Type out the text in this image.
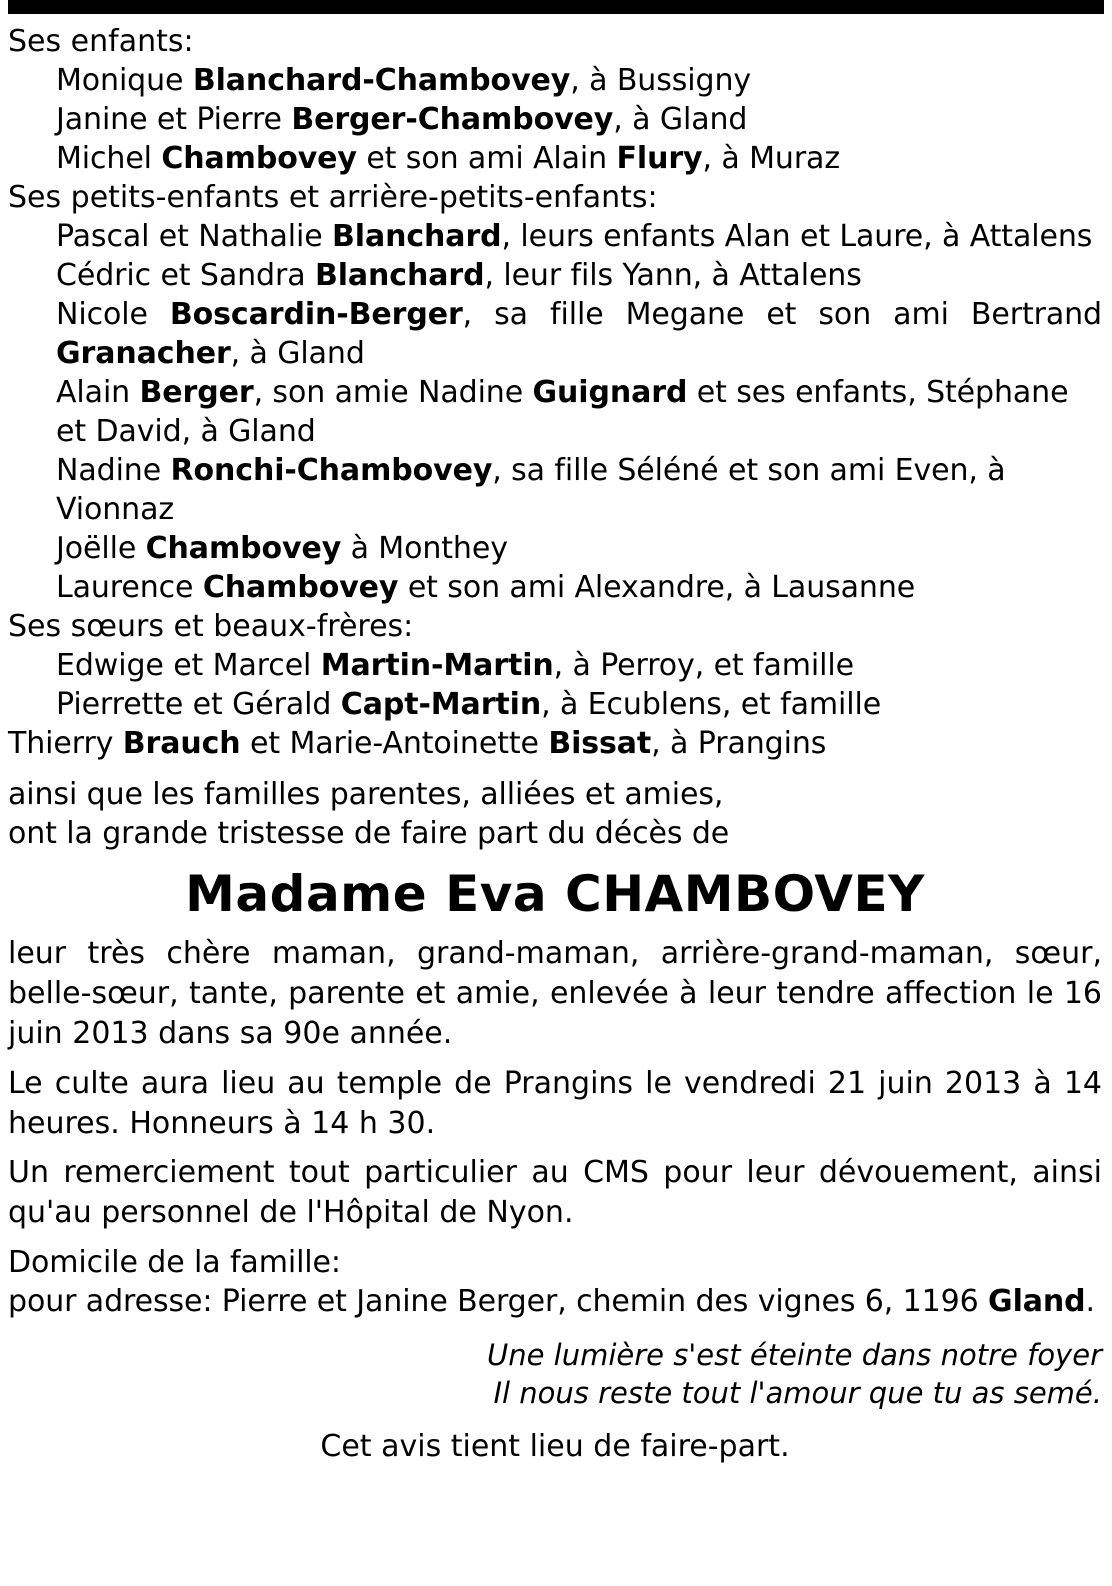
Ses enfants:
Monique Blanchard-Chambovey, à Bussigny
Janine et Pierre Berger-Chambovey, à Gland
Michel Chambovey et son ami Alain Flury, à Muraz
Ses petits-enfants et arrière-petits-enfants:
Pascal et Nathalie Blanchard, leurs enfants Alan et Laure, à Attalens
Cédric et Sandra Blanchard, leur fils Yann, à Attalens
Nicole Boscardin-Berger, sa fille Megane et son ami Bertrand Granacher, à Gland
Alain Berger, son amie Nadine Guignard et ses enfants, Stéphane et David, à Gland
Nadine Ronchi-Chambovey, sa fille Séléné et son ami Even, à Vionnaz
Joëlle Chambovey à Monthey
Laurence Chambovey et son ami Alexandre, à Lausanne
Ses sœurs et beaux-frères:
Edwige et Marcel Martin-Martin, à Perroy, et famille
Pierrette et Gérald Capt-Martin, à Ecublens, et famille
Thierry Brauch et Marie-Antoinette Bissat, à Prangins
ainsi que les familles parentes, alliées et amies,
ont la grande tristesse de faire part du décès de
Madame Eva CHAMBOVEY
leur très chère maman, grand-maman, arrière-grand-maman, sœur, belle-sœur, tante, parente et amie, enlevée à leur tendre affection le 16 juin 2013 dans sa 90e année.
Le culte aura lieu au temple de Prangins le vendredi 21 juin 2013 à 14 heures. Honneurs à 14 h 30.
Un remerciement tout particulier au CMS pour leur dévouement, ainsi qu'au personnel de l'Hôpital de Nyon.
Domicile de la famille:
pour adresse: Pierre et Janine Berger, chemin des vignes 6, 1196 Gland.
Une lumière s'est éteinte dans notre foyer
Il nous reste tout l'amour que tu as semé.
Cet avis tient lieu de faire-part.
